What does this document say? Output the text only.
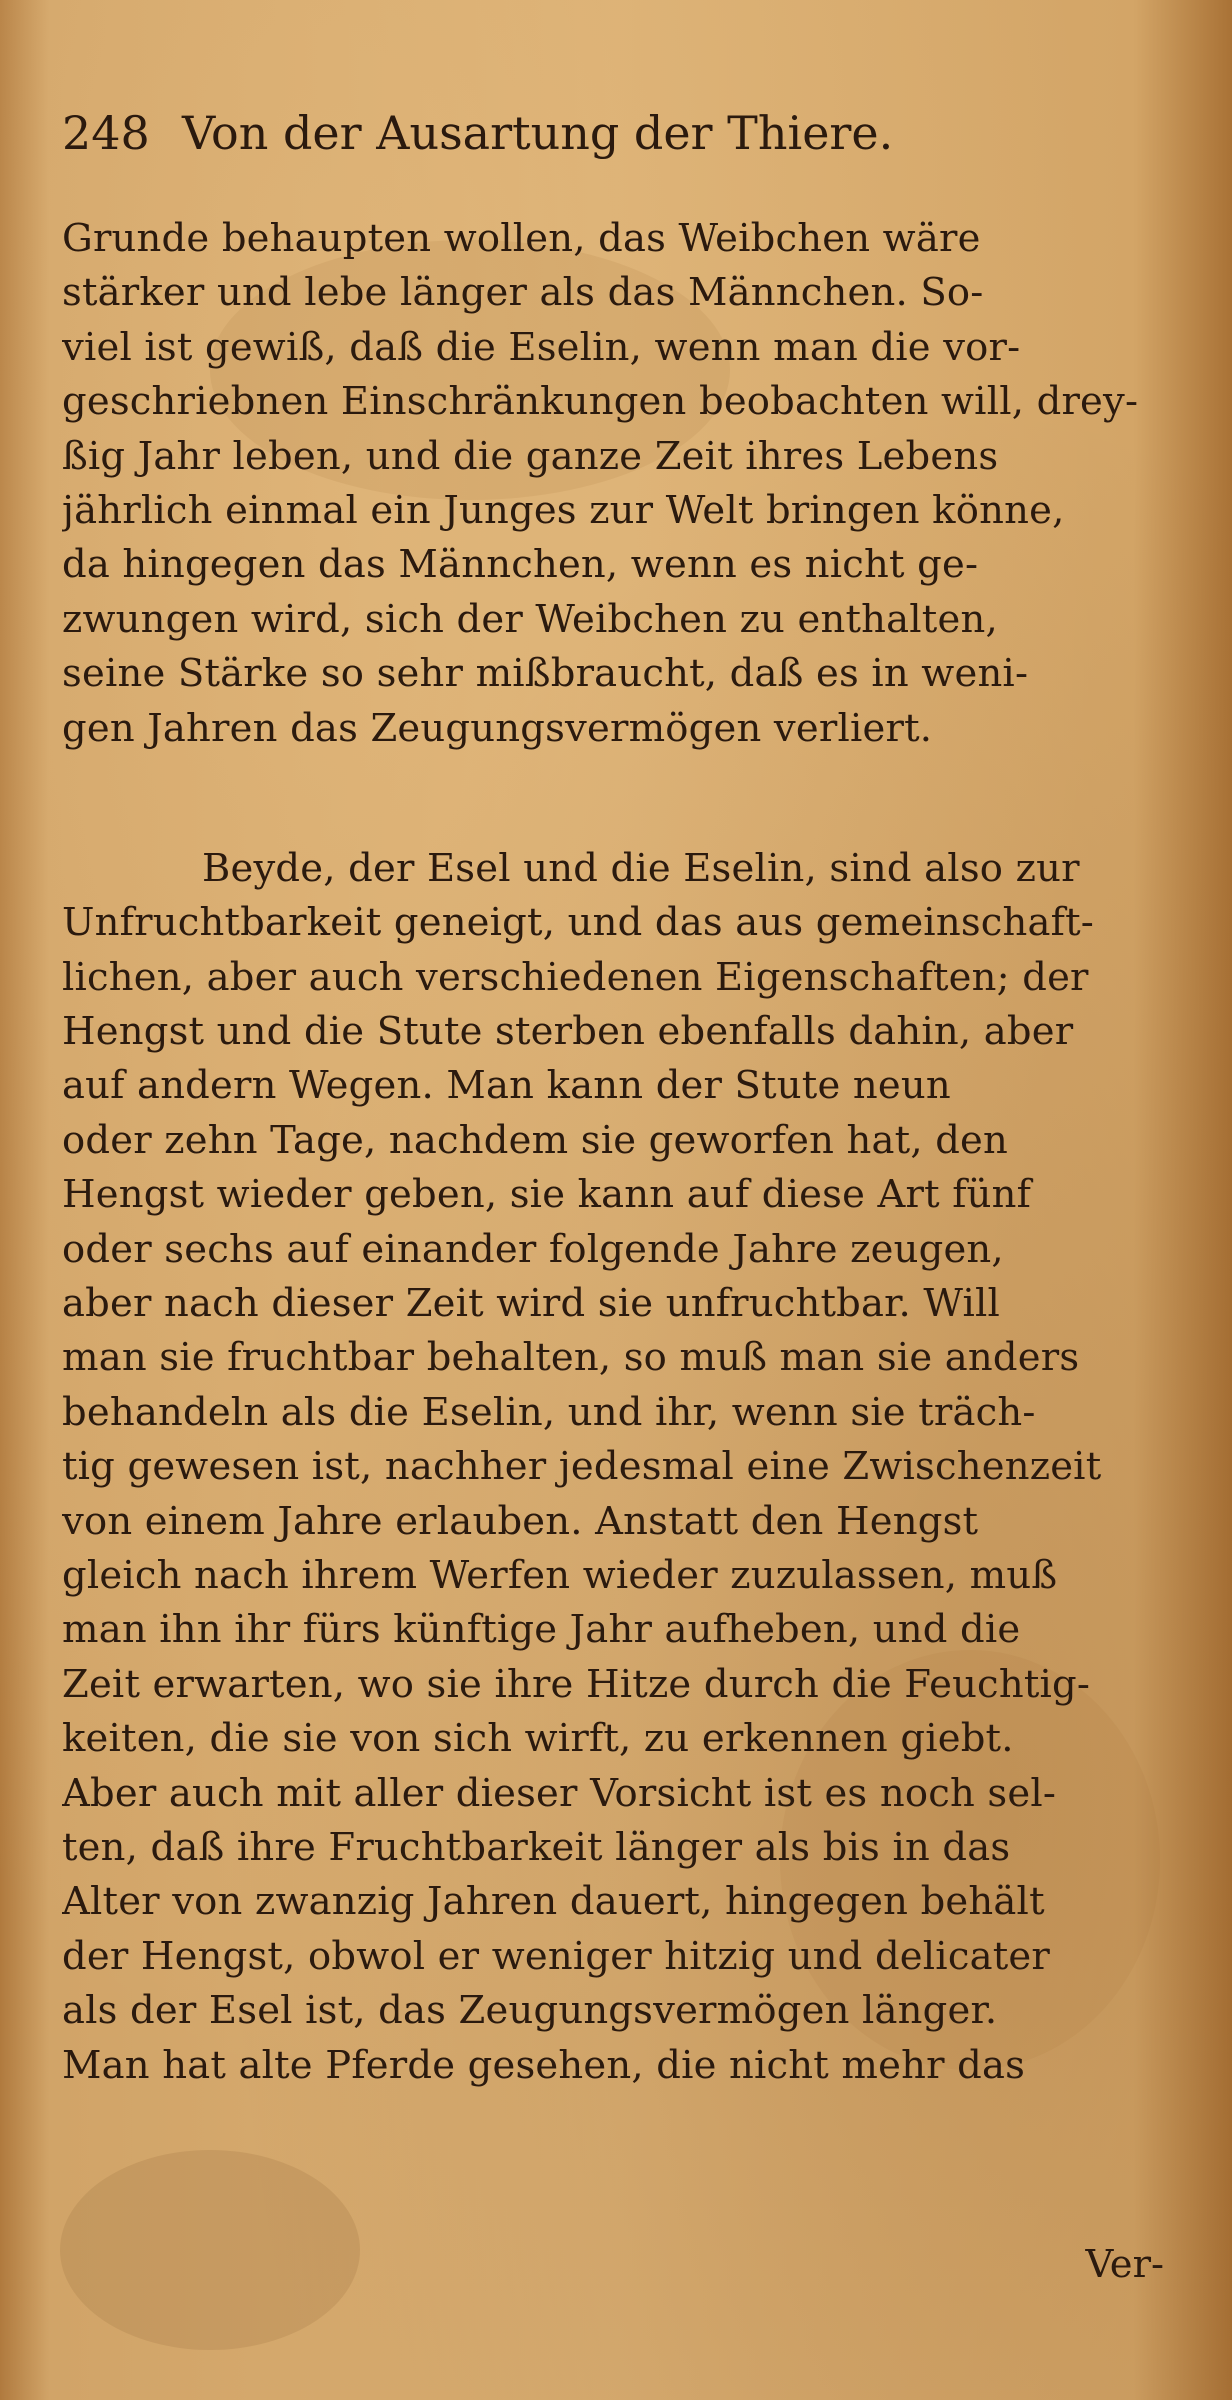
248 Von der Ausartung der Thiere.
Grunde behaupten wollen, das Weibchen wäre
stärker und lebe länger als das Männchen. So-
viel ist gewiß, daß die Eselin, wenn man die vor-
geschriebnen Einschränkungen beobachten will, drey-
ßig Jahr leben, und die ganze Zeit ihres Lebens
jährlich einmal ein Junges zur Welt bringen könne,
da hingegen das Männchen, wenn es nicht ge-
zwungen wird, sich der Weibchen zu enthalten,
seine Stärke so sehr mißbraucht, daß es in weni-
gen Jahren das Zeugungsvermögen verliert.
Beyde, der Esel und die Eselin, sind also zur
Unfruchtbarkeit geneigt, und das aus gemeinschaft-
lichen, aber auch verschiedenen Eigenschaften; der
Hengst und die Stute sterben ebenfalls dahin, aber
auf andern Wegen. Man kann der Stute neun
oder zehn Tage, nachdem sie geworfen hat, den
Hengst wieder geben, sie kann auf diese Art fünf
oder sechs auf einander folgende Jahre zeugen,
aber nach dieser Zeit wird sie unfruchtbar. Will
man sie fruchtbar behalten, so muß man sie anders
behandeln als die Eselin, und ihr, wenn sie träch-
tig gewesen ist, nachher jedesmal eine Zwischenzeit
von einem Jahre erlauben. Anstatt den Hengst
gleich nach ihrem Werfen wieder zuzulassen, muß
man ihn ihr fürs künftige Jahr aufheben, und die
Zeit erwarten, wo sie ihre Hitze durch die Feuchtig-
keiten, die sie von sich wirft, zu erkennen giebt.
Aber auch mit aller dieser Vorsicht ist es noch sel-
ten, daß ihre Fruchtbarkeit länger als bis in das
Alter von zwanzig Jahren dauert, hingegen behält
der Hengst, obwol er weniger hitzig und delicater
als der Esel ist, das Zeugungsvermögen länger.
Man hat alte Pferde gesehen, die nicht mehr das
Ver-
